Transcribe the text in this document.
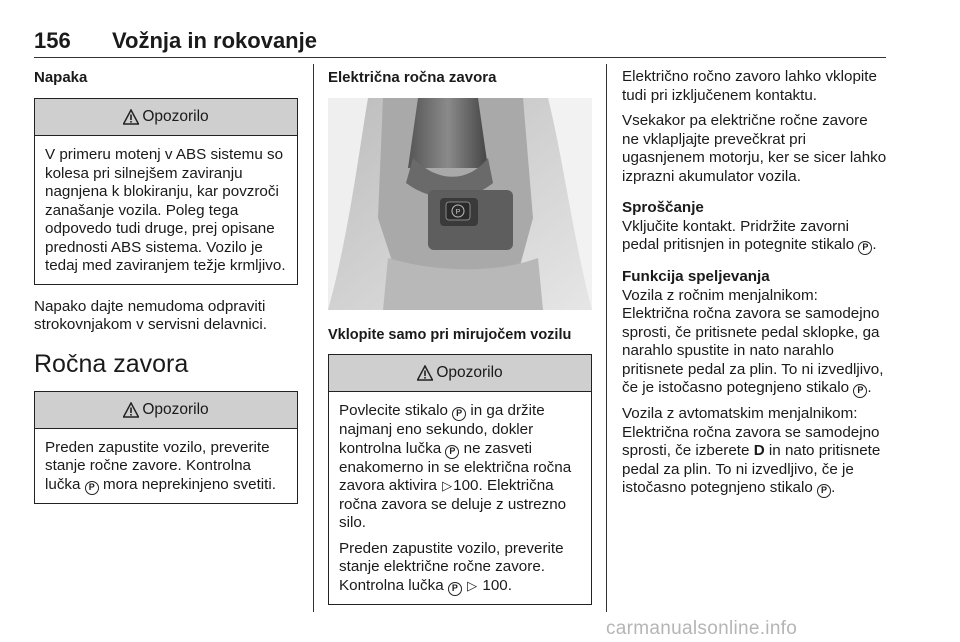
156 Vožnja in rokovanje
Napaka
Opozorilo

V primeru motenj v ABS sistemu so kolesa pri silnejšem zaviranju nagnjena k blokiranju, kar povzroči zanašanje vozila. Poleg tega odpovedo tudi druge, prej opisane prednosti ABS sistema. Vozilo je tedaj med zaviranjem težje krmljivo.

Napako dajte nemudoma odpraviti strokovnjakom v servisni delavnici.

Ročna zavora
Opozorilo

Preden zapustite vozilo, preverite stanje ročne zavore. Kontrolna lučka P mora neprekinjeno svetiti.

Električna ročna zavora
P
Vklopite samo pri mirujočem vozilu
Opozorilo

Povlecite stikalo P in ga držite najmanj eno sekundo, dokler kontrolna lučka P ne zasveti enakomerno in se električna ročna zavora aktivira ▷100. Električna ročna zavora se deluje z ustrezno silo.

Preden zapustite vozilo, preverite stanje električne ročne zavore. Kontrolna lučka P ▷ 100.

Električno ročno zavoro lahko vklopite tudi pri izključenem kontaktu.

Vsekakor pa električne ročne zavore ne vklapljajte prevečkrat pri ugasnjenem motorju, ker se sicer lahko izprazni akumulator vozila.

Sproščanje

Vključite kontakt. Pridržite zavorni pedal pritisnjen in potegnite stikalo P .

Funkcija speljevanja

Vozila z ročnim menjalnikom: Električna ročna zavora se samodejno sprosti, če pritisnete pedal sklopke, ga narahlo spustite in nato narahlo pritisnete pedal za plin. To ni izvedljivo, če je istočasno potegnjeno stikalo P .

Vozila z avtomatskim menjalnikom: Električna ročna zavora se samodejno sprosti, če izberete D in nato pritisnete pedal za plin. To ni izvedljivo, če je istočasno potegnjeno stikalo P .

carmanualsonline.info
